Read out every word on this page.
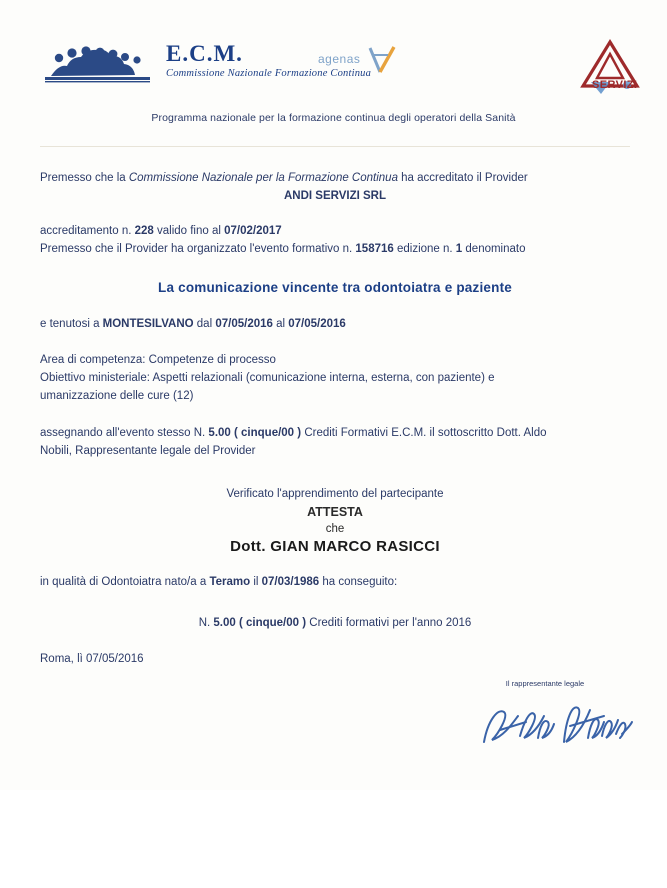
E.C.M.
Commissione Nazionale Formazione Continua
agenas
SERVIZI
Programma nazionale per la formazione continua degli operatori della Sanità
Premesso che la Commissione Nazionale per la Formazione Continua ha accreditato il Provider
ANDI SERVIZI SRL
accreditamento n. 228 valido fino al 07/02/2017
Premesso che il Provider ha organizzato l'evento formativo n. 158716 edizione n. 1 denominato
La comunicazione vincente tra odontoiatra e paziente
e tenutosi a MONTESILVANO dal 07/05/2016 al 07/05/2016
Area di competenza: Competenze di processo
Obiettivo ministeriale: Aspetti relazionali (comunicazione interna, esterna, con paziente) e
umanizzazione delle cure (12)
assegnando all'evento stesso N. 5.00 ( cinque/00 ) Crediti Formativi E.C.M. il sottoscritto Dott. Aldo
Nobili, Rappresentante legale del Provider
Verificato l'apprendimento del partecipante
ATTESTA
che
Dott. GIAN MARCO RASICCI
in qualità di Odontoiatra nato/a a Teramo il 07/03/1986 ha conseguito:
N. 5.00 ( cinque/00 ) Crediti formativi per l'anno 2016
Roma, lì 07/05/2016
Il rappresentante legale
